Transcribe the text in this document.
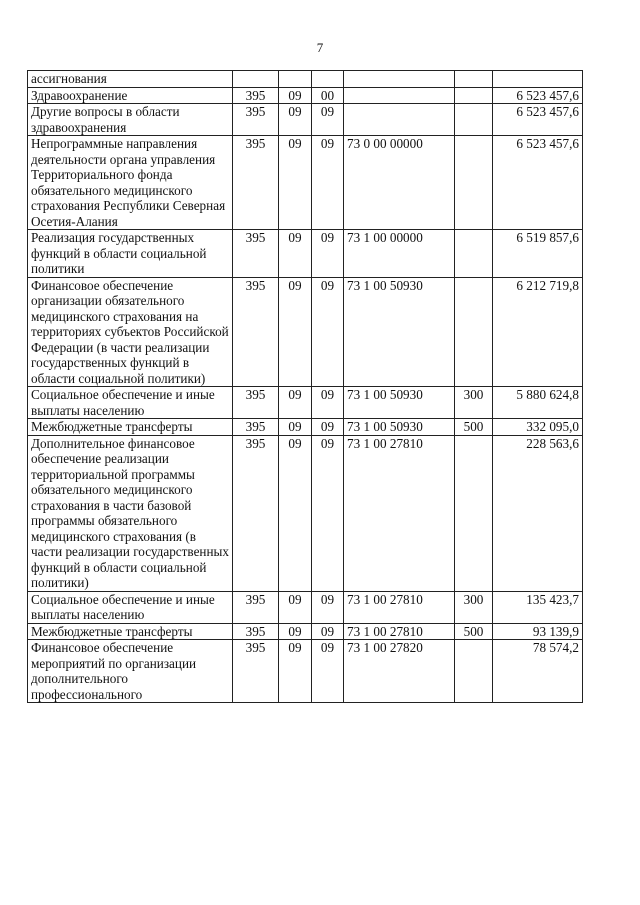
7
ассигнования						
Здравоохранение	395	09	00			6 523 457,6
Другие вопросы в области здравоохранения	395	09	09			6 523 457,6
Непрограммные направления деятельности органа управления Территориального фонда обязательного медицинского страхования Республики Северная Осетия-Алания	395	09	09	73 0 00 00000		6 523 457,6
Реализация государственных функций в области социальной политики	395	09	09	73 1 00 00000		6 519 857,6
Финансовое обеспечение организации обязательного медицинского страхования на территориях субъектов Российской Федерации (в части реализации государственных функций в области социальной политики)	395	09	09	73 1 00 50930		6 212 719,8
Социальное обеспечение и иные выплаты населению	395	09	09	73 1 00 50930	300	5 880 624,8
Межбюджетные трансферты	395	09	09	73 1 00 50930	500	332 095,0
Дополнительное финансовое обеспечение реализации территориальной программы обязательного медицинского страхования в части базовой программы обязательного медицинского страхования (в части реализации государственных функций в области социальной политики)	395	09	09	73 1 00 27810		228 563,6
Социальное обеспечение и иные выплаты населению	395	09	09	73 1 00 27810	300	135 423,7
Межбюджетные трансферты	395	09	09	73 1 00 27810	500	93 139,9
Финансовое обеспечение мероприятий по организации дополнительного профессионального	395	09	09	73 1 00 27820		78 574,2
